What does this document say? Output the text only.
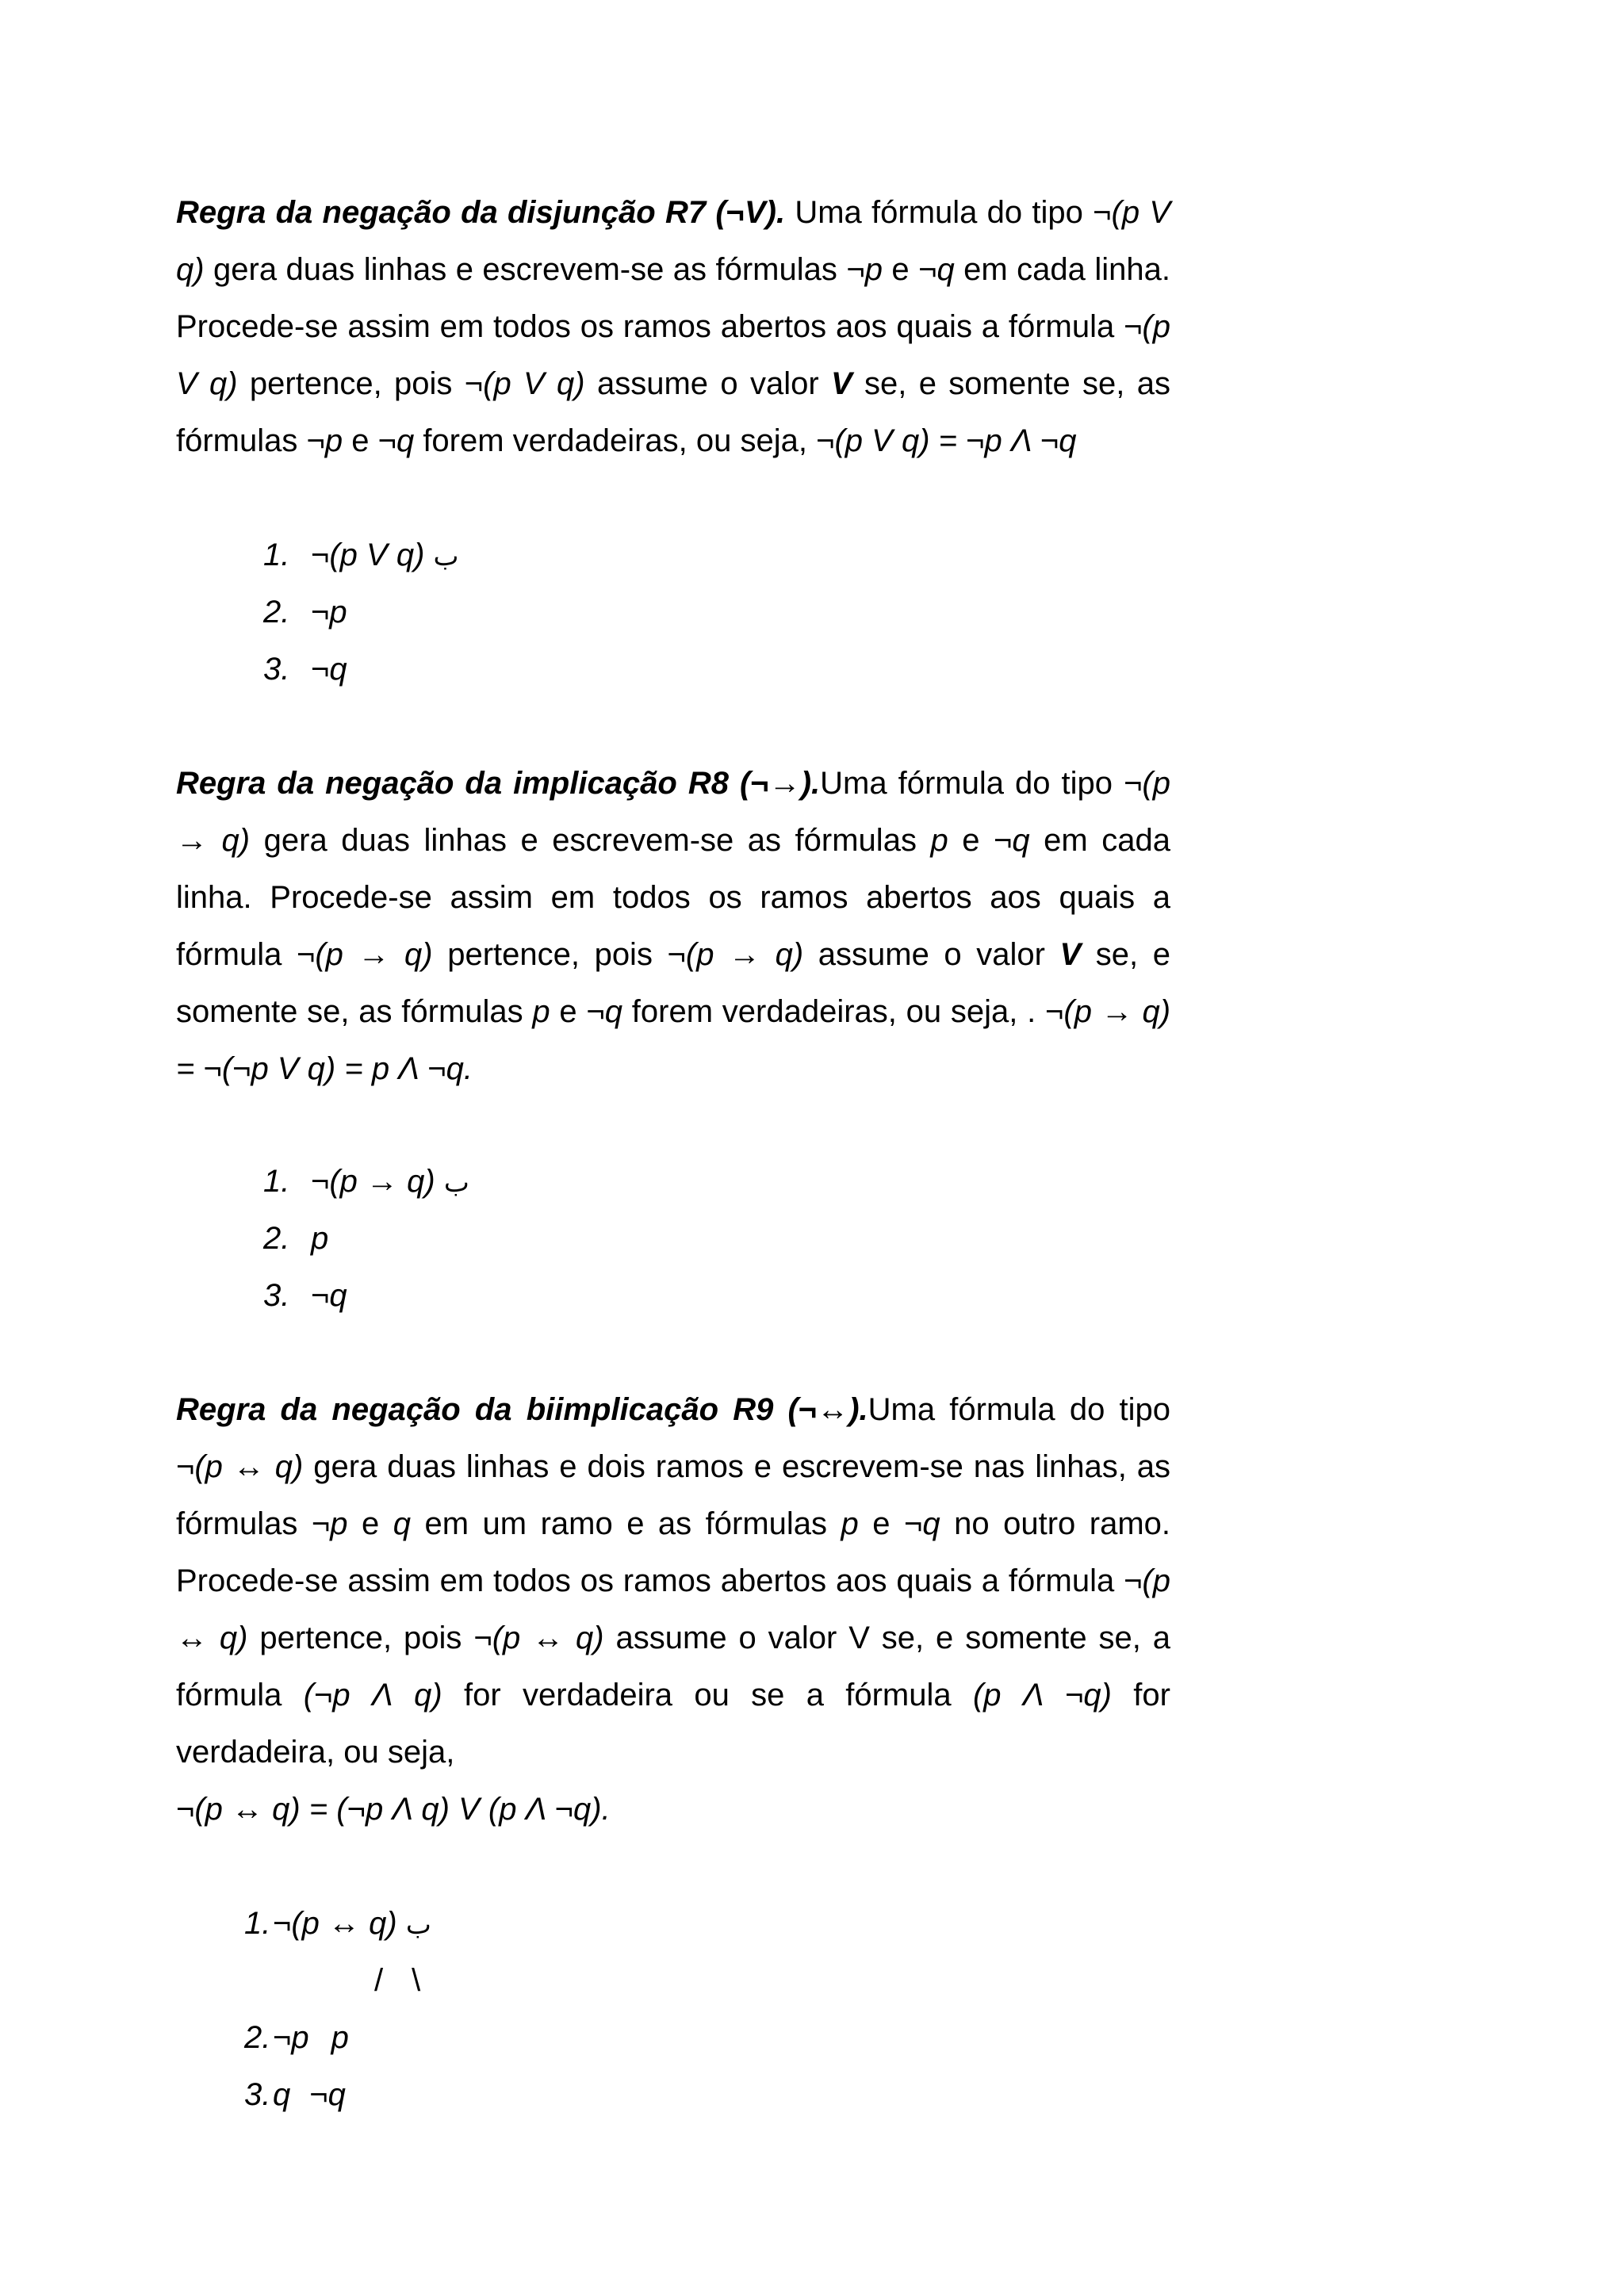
Regra da negação da disjunção R7 (¬V). Uma fórmula do tipo ¬(p V q) gera duas linhas e escrevem-se as fórmulas ¬p e ¬q em cada linha. Procede-se assim em todos os ramos abertos aos quais a fórmula ¬(p V q) pertence, pois ¬(p V q) assume o valor V se, e somente se, as fórmulas ¬p e ¬q forem verdadeiras, ou seja, ¬(p V q) = ¬p Λ ¬q

1. ¬(p V q) ب
2. ¬p
3. ¬q

Regra da negação da implicação R8 (¬→).Uma fórmula do tipo ¬(p → q) gera duas linhas e escrevem-se as fórmulas p e ¬q em cada linha. Procede-se assim em todos os ramos abertos aos quais a fórmula ¬(p → q) pertence, pois ¬(p → q) assume o valor V se, e somente se, as fórmulas p e ¬q forem verdadeiras, ou seja, . ¬(p → q) = ¬(¬p V q) = p Λ ¬q.

1. ¬(p → q) ب
2. p
3. ¬q

Regra da negação da biimplicação R9 (¬↔).Uma fórmula do tipo ¬(p ↔ q) gera duas linhas e dois ramos e escrevem-se nas linhas, as fórmulas ¬p e q em um ramo e as fórmulas p e ¬q no outro ramo. Procede-se assim em todos os ramos abertos aos quais a fórmula ¬(p ↔ q) pertence, pois ¬(p ↔ q) assume o valor V se, e somente se, a fórmula (¬p Λ q) for verdadeira ou se a fórmula (p Λ ¬q) for verdadeira, ou seja,

¬(p ↔ q) = (¬p Λ q) V (p Λ ¬q).

1.¬(p ↔ q) ب
/ \
2.¬p p
3.q ¬q
